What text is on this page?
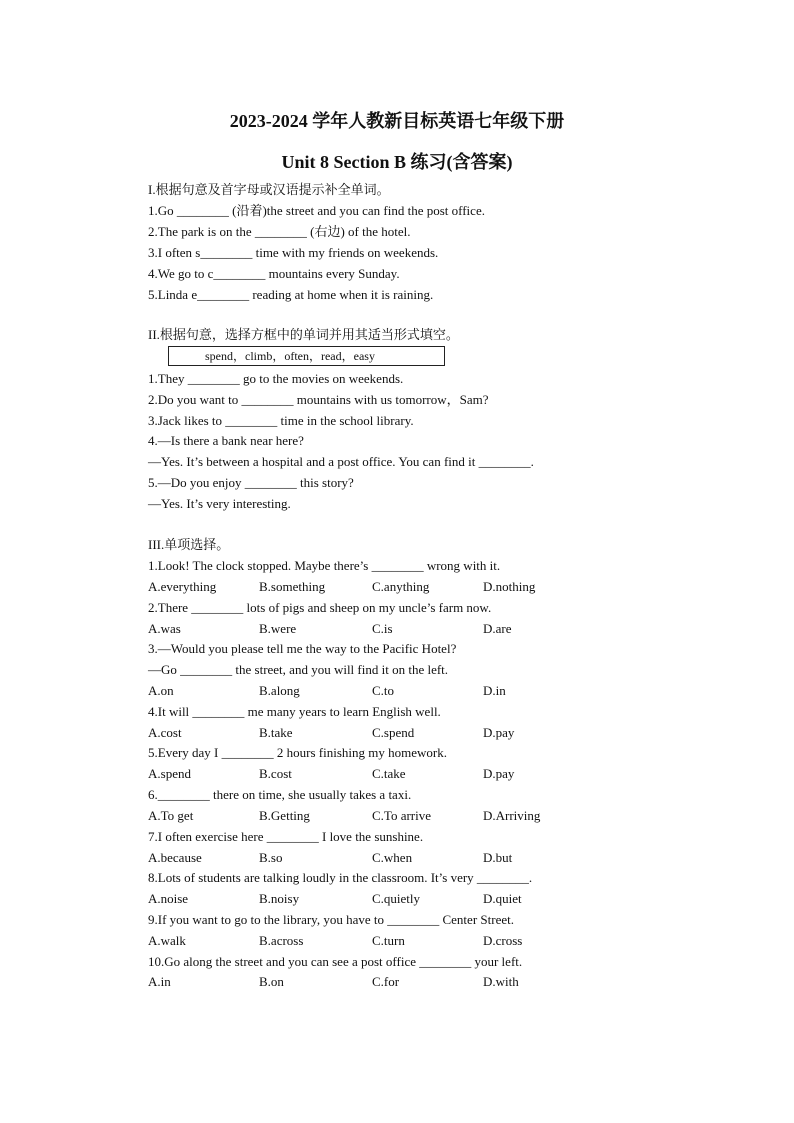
2023-2024 学年人教新目标英语七年级下册
Unit 8 Section B 练习(含答案)
I.根据句意及首字母或汉语提示补全单词。
1.Go ________ (沿着)the street and you can find the post office.
2.The park is on the ________ (右边) of the hotel.
3.I often s________ time with my friends on weekends.
4.We go to c________ mountains every Sunday.
5.Linda e________ reading at home when it is raining.
II.根据句意，选择方框中的单词并用其适当形式填空。
spend，climb，often，read，easy
1.They ________ go to the movies on weekends.
2.Do you want to ________ mountains with us tomorrow，Sam?
3.Jack likes to ________ time in the school library.
4.—Is there a bank near here?
—Yes. It’s between a hospital and a post office. You can find it ________.
5.—Do you enjoy ________ this story?
—Yes. It’s very interesting.
III.单项选择。
1.Look! The clock stopped. Maybe there’s ________ wrong with it.
A.everything	B.something	C.anything	D.nothing
2.There ________ lots of pigs and sheep on my uncle’s farm now.
A.was	B.were	C.is	D.are
3.—Would you please tell me the way to the Pacific Hotel?
—Go ________ the street, and you will find it on the left.
A.on	B.along	C.to	D.in
4.It will ________ me many years to learn English well.
A.cost	B.take	C.spend	D.pay
5.Every day I ________ 2 hours finishing my homework.
A.spend	B.cost	C.take	D.pay
6.________ there on time, she usually takes a taxi.
A.To get	B.Getting	C.To arrive	D.Arriving
7.I often exercise here ________ I love the sunshine.
A.because	B.so	C.when	D.but
8.Lots of students are talking loudly in the classroom. It’s very ________.
A.noise	B.noisy	C.quietly	D.quiet
9.If you want to go to the library, you have to ________ Center Street.
A.walk	B.across	C.turn	D.cross
10.Go along the street and you can see a post office ________ your left.
A.in	B.on	C.for	D.with
